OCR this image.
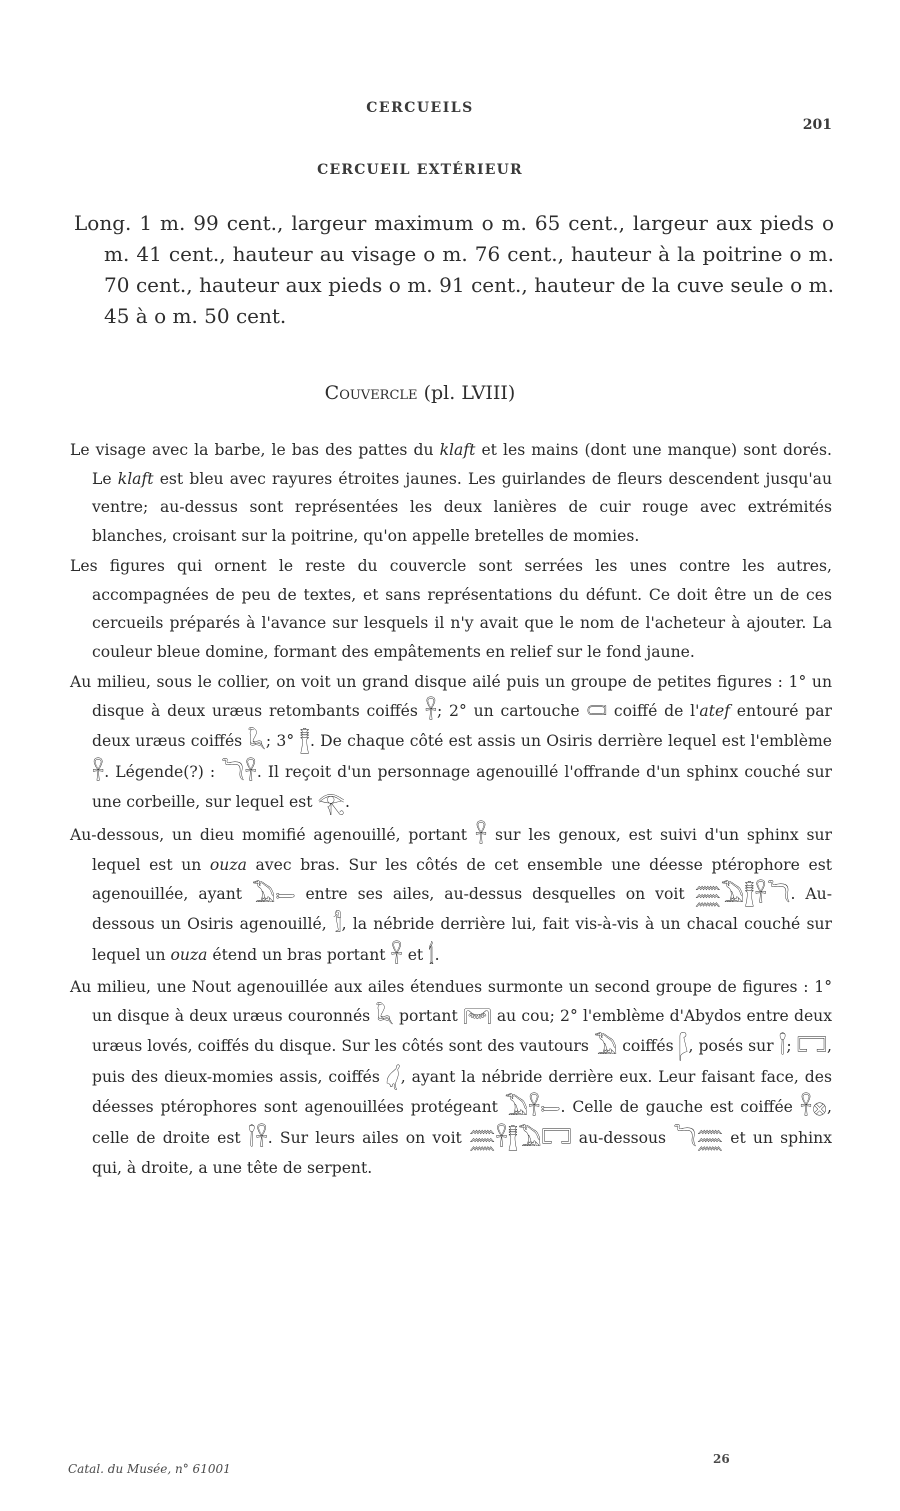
CERCUEILS
201
CERCUEIL EXTÉRIEUR
Long. 1 m. 99 cent., largeur maximum o m. 65 cent., largeur aux pieds o m. 41 cent., hauteur au visage o m. 76 cent., hauteur à la poitrine o m. 70 cent., hauteur aux pieds o m. 91 cent., hauteur de la cuve seule o m. 45 à o m. 50 cent.
Couvercle (pl. LVIII)

Le visage avec la barbe, le bas des pattes du klaft et les mains (dont une manque) sont dorés. Le klaft est bleu avec rayures étroites jaunes. Les guirlandes de fleurs descendent jusqu'au ventre; au-dessus sont représentées les deux lanières de cuir rouge avec extrémités blanches, croisant sur la poitrine, qu'on appelle bretelles de momies.

Les figures qui ornent le reste du couvercle sont serrées les unes contre les autres, accompagnées de peu de textes, et sans représentations du défunt. Ce doit être un de ces cercueils préparés à l'avance sur lesquels il n'y avait que le nom de l'acheteur à ajouter. La couleur bleue domine, formant des empâtements en relief sur le fond jaune.

Au milieu, sous le collier, on voit un grand disque ailé puis un groupe de petites figures : 1° un disque à deux uræus retombants coiffés 𓋹; 2° un cartouche 𓍷 coiffé de l'atef entouré par deux uræus coiffés 𓆗; 3° 𓊽. De chaque côté est assis un Osiris derrière lequel est l'emblème 𓋹. Légende(?) : 𓆓𓋹. Il reçoit d'un personnage agenouillé l'offrande d'un sphinx couché sur une corbeille, sur lequel est 𓂀.

Au-dessous, un dieu momifié agenouillé, portant 𓋹 sur les genoux, est suivi d'un sphinx sur lequel est un ouza avec bras. Sur les côtés de cet ensemble une déesse ptérophore est agenouillée, ayant 𓅐𓍿 entre ses ailes, au-dessus desquelles on voit 𓈗𓅐𓊽𓋹𓆓. Au-dessous un Osiris agenouillé, 𓀾, la nébride derrière lui, fait vis-à-vis à un chacal couché sur lequel un ouza étend un bras portant 𓋹 et 𓌀.

Au milieu, une Nout agenouillée aux ailes étendues surmonte un second groupe de figures : 1° un disque à deux uræus couronnés 𓆗 portant 𓋞 au cou; 2° l'emblème d'Abydos entre deux uræus lovés, coiffés du disque. Sur les côtés sont des vautours 𓅐 coiffés 𓆄, posés sur 𓌉; 𓉐, puis des dieux-momies assis, coiffés 𓋑, ayant la nébride derrière eux. Leur faisant face, des déesses ptérophores sont agenouillées protégeant 𓅐𓋹𓍿. Celle de gauche est coiffée 𓋹𓊖, celle de droite est 𓌉𓋹. Sur leurs ailes on voit 𓈗𓋹𓊽𓅐𓉐 au-dessous 𓆓𓈗 et un sphinx qui, à droite, a une tête de serpent.

Catal. du Musée, n° 61001
26
